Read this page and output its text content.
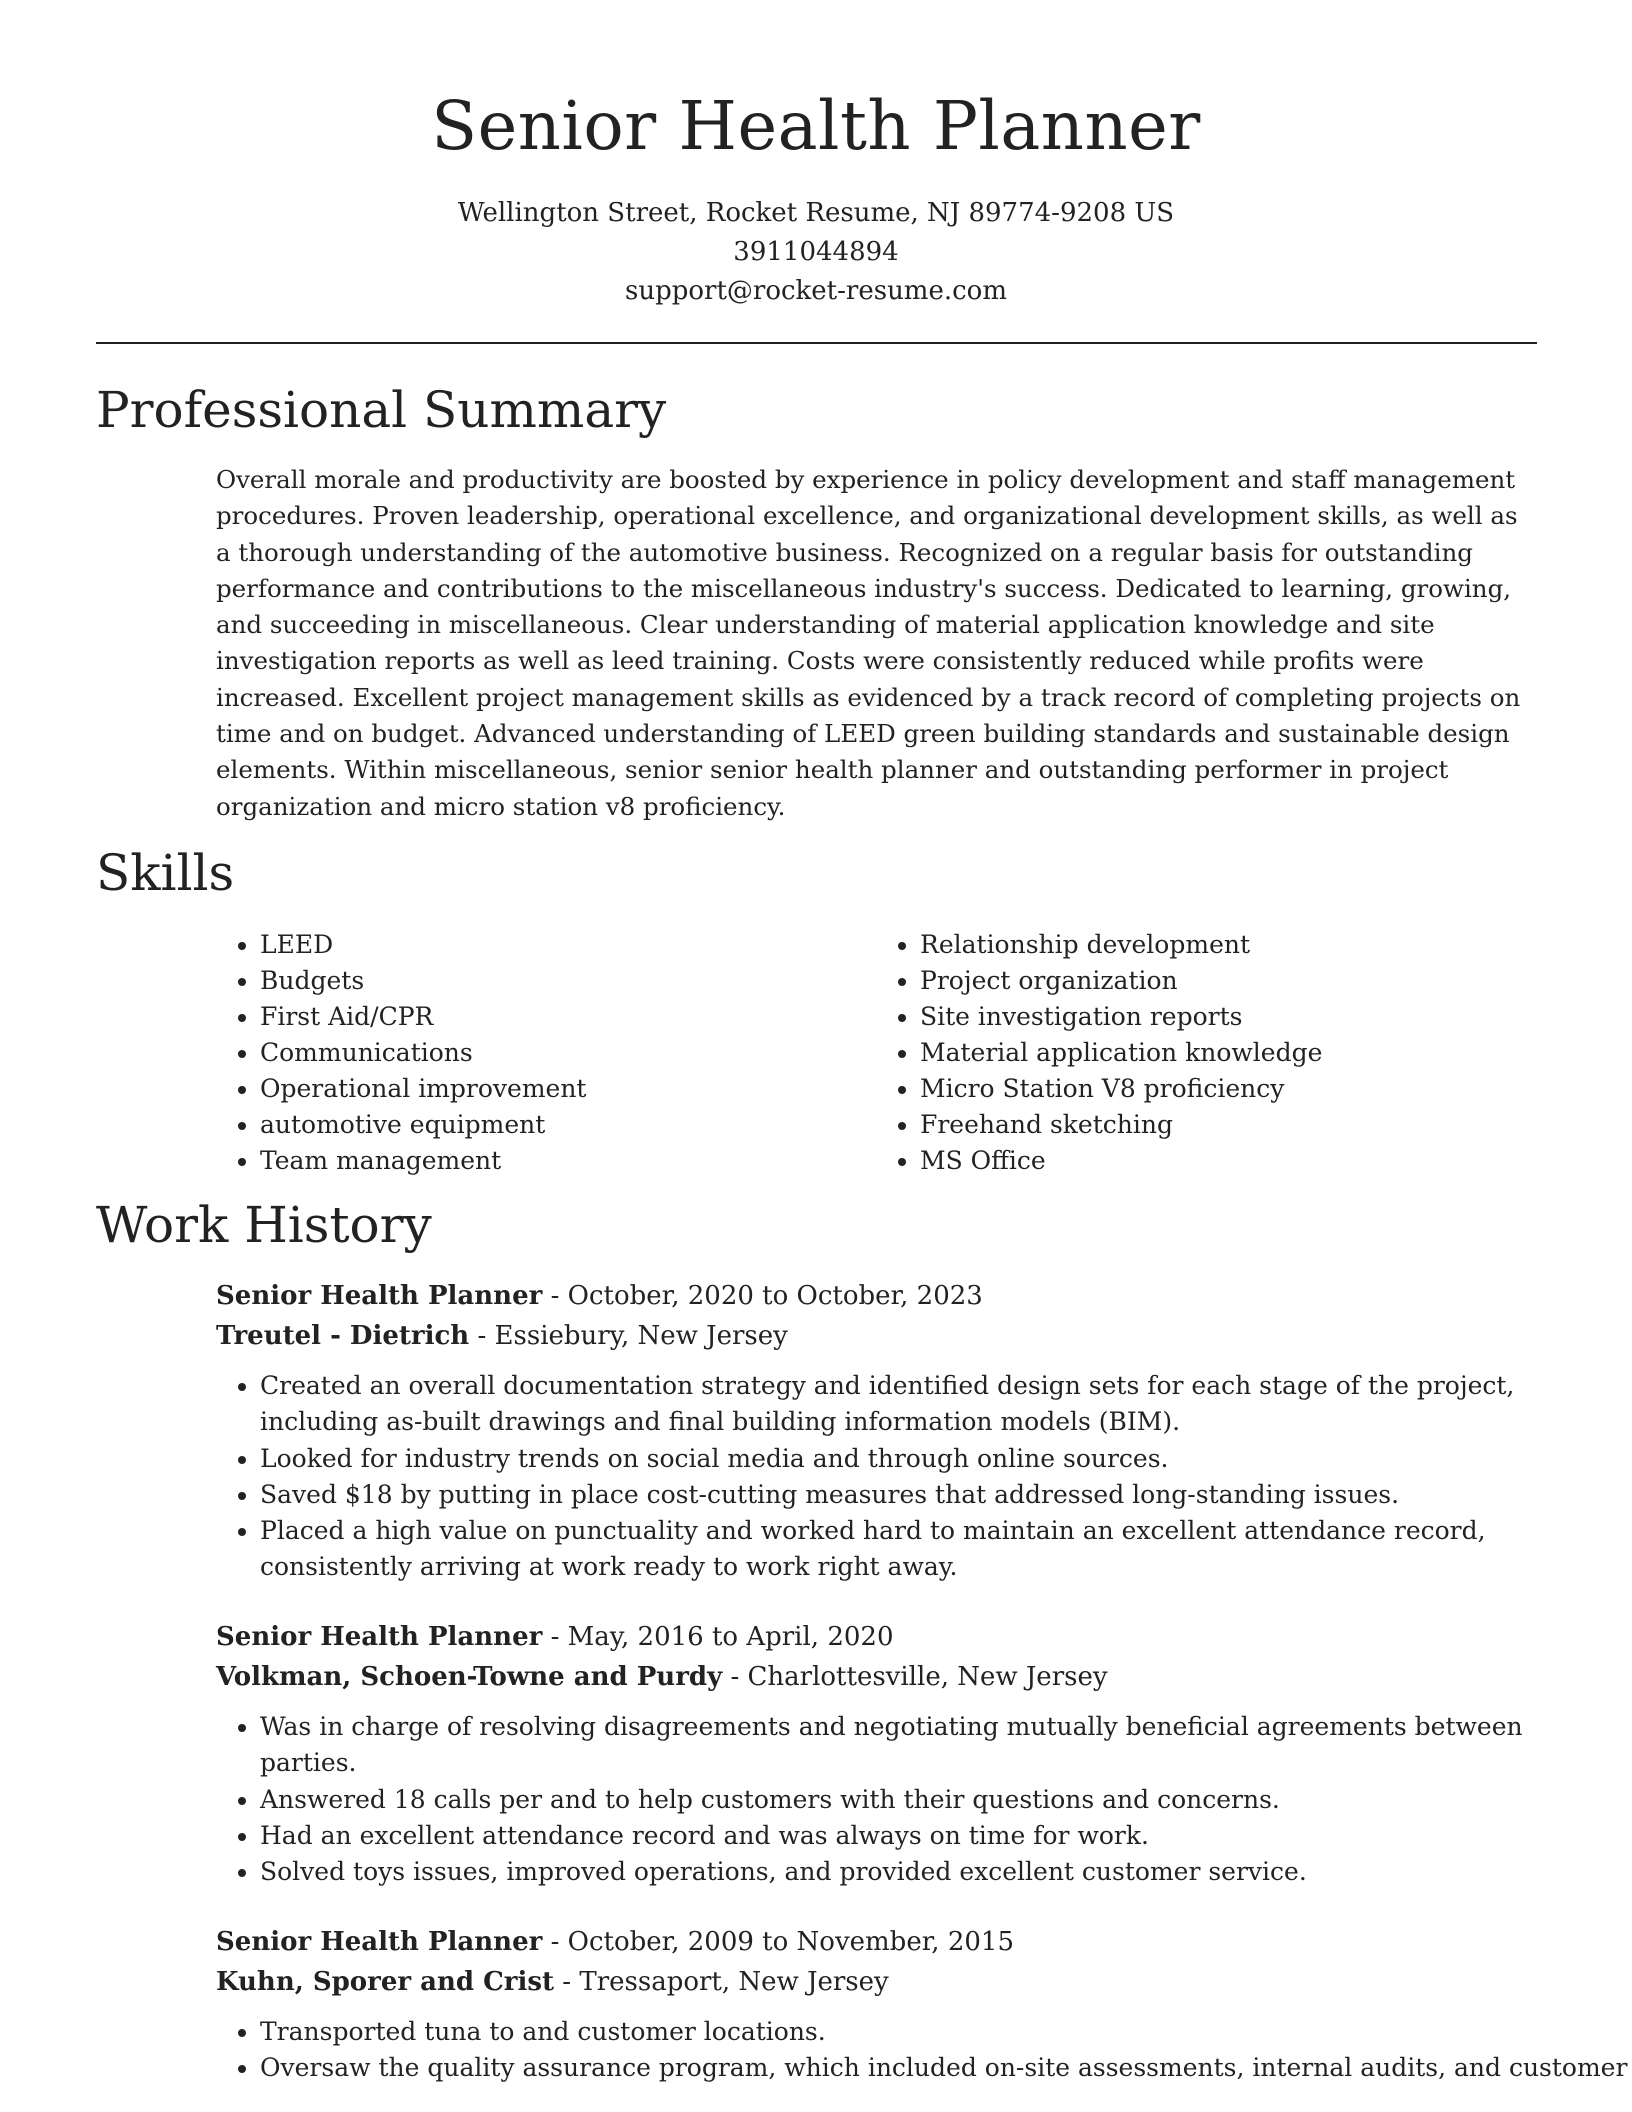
Senior Health Planner
Wellington Street, Rocket Resume, NJ 89774-9208 US
3911044894
support@rocket-resume.com
Professional Summary

Overall morale and productivity are boosted by experience in policy development and staff management procedures. Proven leadership, operational excellence, and organizational development skills, as well as a thorough understanding of the automotive business. Recognized on a regular basis for outstanding performance and contributions to the miscellaneous industry's success. Dedicated to learning, growing, and succeeding in miscellaneous. Clear understanding of material application knowledge and site investigation reports as well as leed training. Costs were consistently reduced while profits were increased. Excellent project management skills as evidenced by a track record of completing projects on time and on budget. Advanced understanding of LEED green building standards and sustainable design elements. Within miscellaneous, senior senior health planner and outstanding performer in project organization and micro station v8 proficiency.

Skills
• LEED
• Budgets
• First Aid/CPR
• Communications
• Operational improvement
• automotive equipment
• Team management
• Relationship development
• Project organization
• Site investigation reports
• Material application knowledge
• Micro Station V8 proficiency
• Freehand sketching
• MS Office
Work History
Senior Health Planner - October, 2020 to October, 2023
Treutel - Dietrich - Essiebury, New Jersey
• Created an overall documentation strategy and identified design sets for each stage of the project, including as-built drawings and final building information models (BIM).
• Looked for industry trends on social media and through online sources.
• Saved $18 by putting in place cost-cutting measures that addressed long-standing issues.
• Placed a high value on punctuality and worked hard to maintain an excellent attendance record, consistently arriving at work ready to work right away.
Senior Health Planner - May, 2016 to April, 2020
Volkman, Schoen-Towne and Purdy - Charlottesville, New Jersey
• Was in charge of resolving disagreements and negotiating mutually beneficial agreements between parties.
• Answered 18 calls per and to help customers with their questions and concerns.
• Had an excellent attendance record and was always on time for work.
• Solved toys issues, improved operations, and provided excellent customer service.
Senior Health Planner - October, 2009 to November, 2015
Kuhn, Sporer and Crist - Tressaport, New Jersey
• Transported tuna to and customer locations.
• Oversaw the quality assurance program, which included on-site assessments, internal audits, and customer
